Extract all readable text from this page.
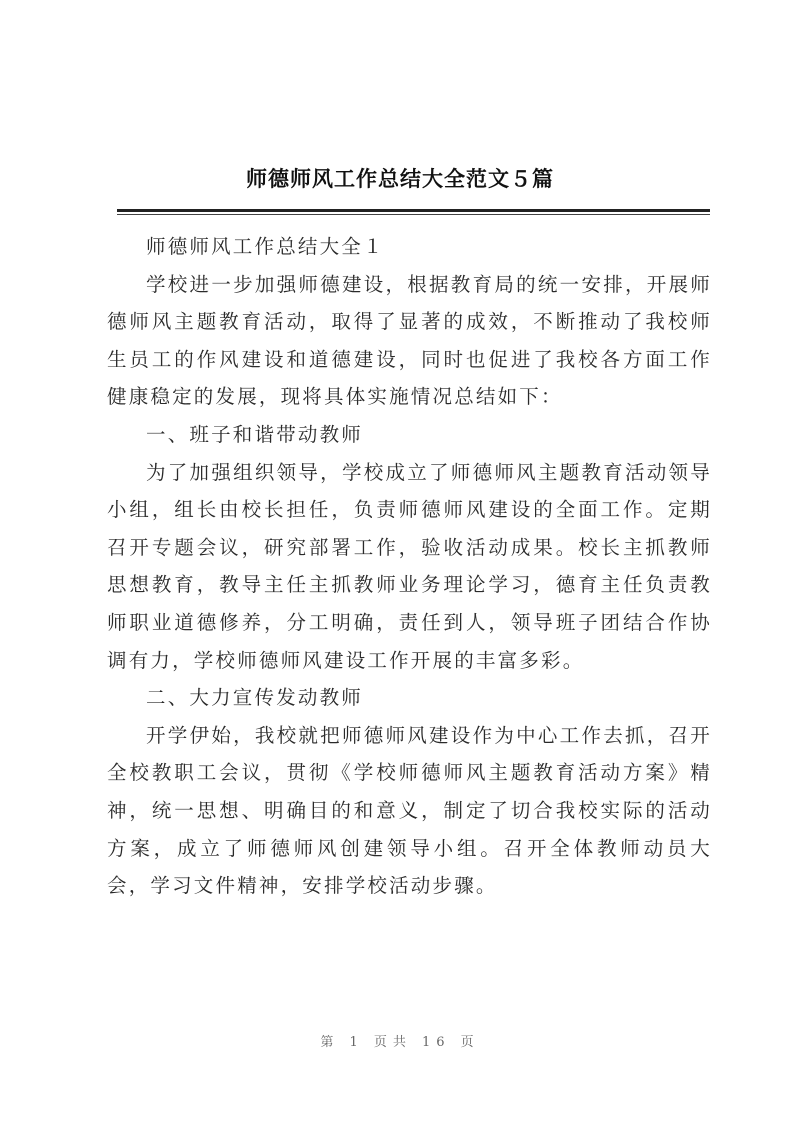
师德师风工作总结大全范文５篇

师德师风工作总结大全１

学校进一步加强师德建设，根据教育局的统一安排，开展师德师风主题教育活动，取得了显著的成效，不断推动了我校师生员工的作风建设和道德建设，同时也促进了我校各方面工作健康稳定的发展，现将具体实施情况总结如下：

一、班子和谐带动教师

为了加强组织领导，学校成立了师德师风主题教育活动领导小组，组长由校长担任，负责师德师风建设的全面工作。定期召开专题会议，研究部署工作，验收活动成果。校长主抓教师思想教育，教导主任主抓教师业务理论学习，德育主任负责教师职业道德修养，分工明确，责任到人，领导班子团结合作协调有力，学校师德师风建设工作开展的丰富多彩。

二、大力宣传发动教师

开学伊始，我校就把师德师风建设作为中心工作去抓，召开全校教职工会议，贯彻《学校师德师风主题教育活动方案》精神，统一思想、明确目的和意义，制定了切合我校实际的活动方案，成立了师德师风创建领导小组。召开全体教师动员大会，学习文件精神，安排学校活动步骤。

第 1 页共 16 页
